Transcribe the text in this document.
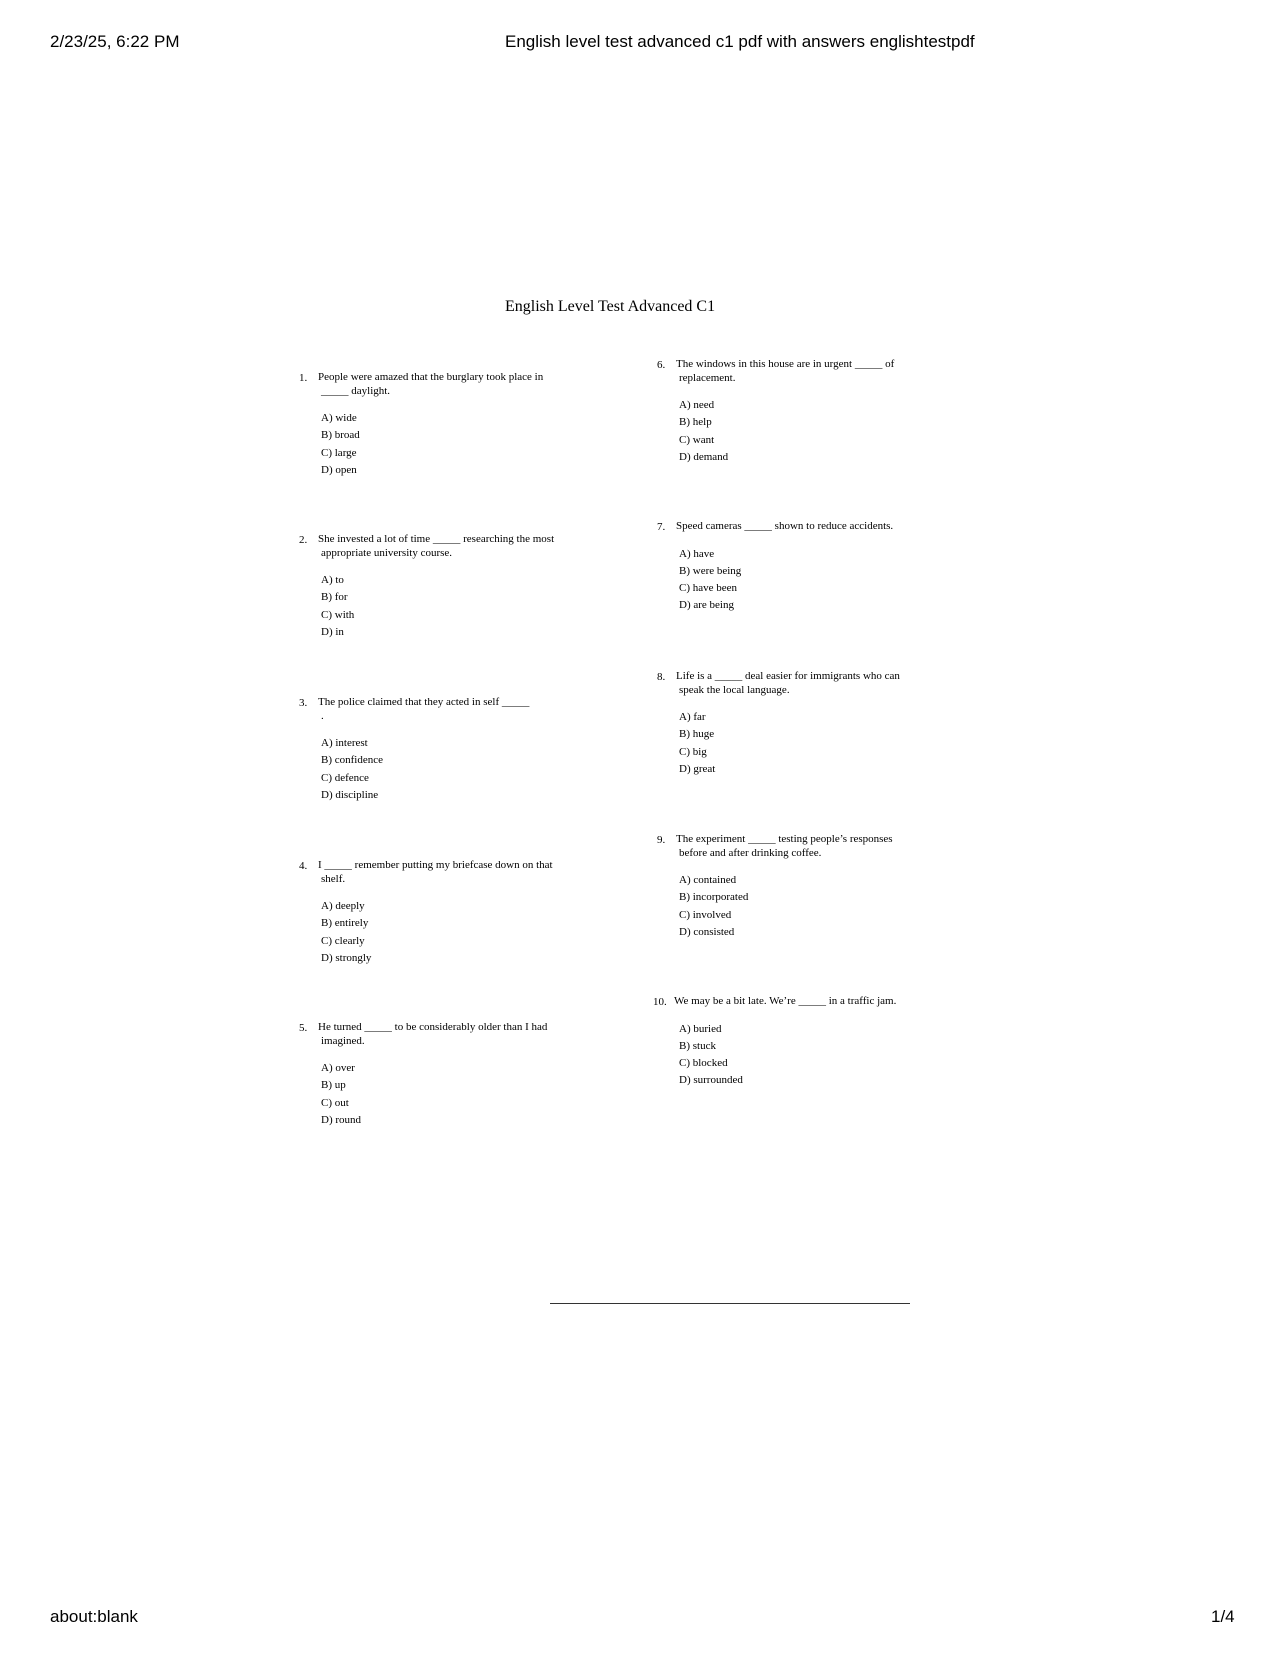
2/23/25, 6:22 PM	English level test advanced c1 pdf with answers englishtestpdf
English Level Test Advanced C1
1. People were amazed that the burglary took place in
_____ daylight.

A) wide
B) broad
C) large
D) open
2. She invested a lot of time _____ researching the most
appropriate university course.

A) to
B) for
C) with
D) in
3. The police claimed that they acted in self _____
.

A) interest
B) confidence
C) defence
D) discipline
4. I _____ remember putting my briefcase down on that
shelf.

A) deeply
B) entirely
C) clearly
D) strongly
5. He turned _____ to be considerably older than I had
imagined.

A) over
B) up
C) out
D) round
6. The windows in this house are in urgent _____ of
replacement.

A) need
B) help
C) want
D) demand
7. Speed cameras _____ shown to reduce accidents.

A) have
B) were being
C) have been
D) are being
8. Life is a _____ deal easier for immigrants who can
speak the local language.

A) far
B) huge
C) big
D) great
9. The experiment _____ testing people’s responses
before and after drinking coffee.

A) contained
B) incorporated
C) involved
D) consisted
10. We may be a bit late. We’re _____ in a traffic jam.

A) buried
B) stuck
C) blocked
D) surrounded
about:blank	1/4
